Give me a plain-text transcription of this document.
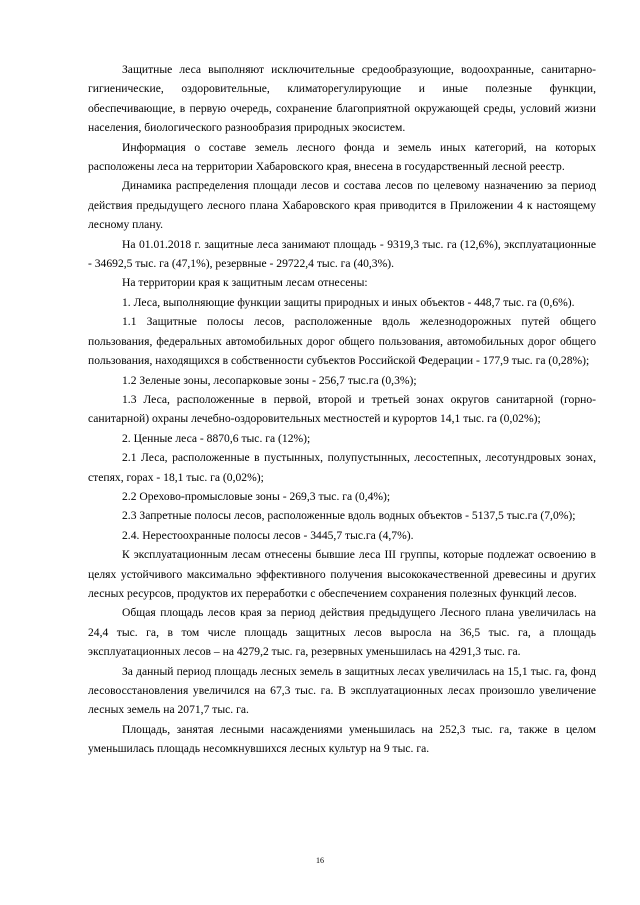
Защитные леса выполняют исключительные средообразующие, водоохранные, санитарно-гигиенические, оздоровительные, климаторегулирующие и иные полезные функции, обеспечивающие, в первую очередь, сохранение благоприятной окружающей среды, условий жизни населения, биологического разнообразия природных экосистем.

Информация о составе земель лесного фонда и земель иных категорий, на которых расположены леса на территории Хабаровского края, внесена в государственный лесной реестр.

Динамика распределения площади лесов и состава лесов по целевому назначению за период действия предыдущего лесного плана Хабаровского края приводится в Приложении 4 к настоящему лесному плану.

На 01.01.2018 г. защитные леса занимают площадь - 9319,3 тыс. га (12,6%), эксплуатационные - 34692,5 тыс. га (47,1%), резервные - 29722,4 тыс. га (40,3%).

На территории края к защитным лесам отнесены:

1. Леса, выполняющие функции защиты природных и иных объектов - 448,7 тыс. га (0,6%).

1.1 Защитные полосы лесов, расположенные вдоль железнодорожных путей общего пользования, федеральных автомобильных дорог общего пользования, автомобильных дорог общего пользования, находящихся в собственности субъектов Российской Федерации - 177,9 тыс. га (0,28%);

1.2 Зеленые зоны, лесопарковые зоны - 256,7 тыс.га (0,3%);

1.3 Леса, расположенные в первой, второй и третьей зонах округов санитарной (горно-санитарной) охраны лечебно-оздоровительных местностей и курортов 14,1 тыс. га (0,02%);

2. Ценные леса - 8870,6 тыс. га (12%);

2.1 Леса, расположенные в пустынных, полупустынных, лесостепных, лесотундровых зонах, степях, горах - 18,1 тыс. га (0,02%);

2.2 Орехово-промысловые зоны - 269,3 тыс. га (0,4%);

2.3 Запретные полосы лесов, расположенные вдоль водных объектов - 5137,5 тыс.га (7,0%);

2.4. Нерестоохранные полосы лесов - 3445,7 тыс.га (4,7%).

К эксплуатационным лесам отнесены бывшие леса III группы, которые подлежат освоению в целях устойчивого максимально эффективного получения высококачественной древесины и других лесных ресурсов, продуктов их переработки с обеспечением сохранения полезных функций лесов.

Общая площадь лесов края за период действия предыдущего Лесного плана увеличилась на 24,4 тыс. га, в том числе площадь защитных лесов выросла на 36,5 тыс. га, а площадь эксплуатационных лесов – на 4279,2 тыс. га, резервных уменьшилась на 4291,3 тыс. га.

За данный период площадь лесных земель в защитных лесах увеличилась на 15,1 тыс. га, фонд лесовосстановления увеличился на 67,3 тыс. га. В эксплуатационных лесах произошло увеличение лесных земель на 2071,7 тыс. га.

Площадь, занятая лесными насаждениями уменьшилась на 252,3 тыс. га, также в целом уменьшилась площадь несомкнувшихся лесных культур на 9 тыс. га.

16
